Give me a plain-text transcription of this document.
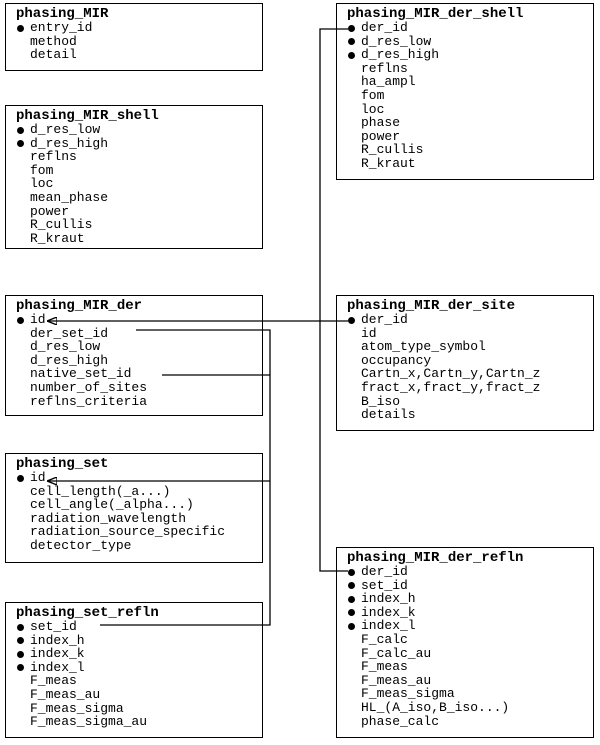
phasing_MIR
entry_id
method
detail
phasing_MIR_shell
d_res_low
d_res_high
reflns
fom
loc
mean_phase
power
R_cullis
R_kraut
phasing_MIR_der
id
der_set_id
d_res_low
d_res_high
native_set_id
number_of_sites
reflns_criteria
phasing_set
id
cell_length(_a...)
cell_angle(_alpha...)
radiation_wavelength
radiation_source_specific
detector_type
phasing_set_refln
set_id
index_h
index_k
index_l
F_meas
F_meas_au
F_meas_sigma
F_meas_sigma_au
phasing_MIR_der_shell
der_id
d_res_low
d_res_high
reflns
ha_ampl
fom
loc
phase
power
R_cullis
R_kraut
phasing_MIR_der_site
der_id
id
atom_type_symbol
occupancy
Cartn_x,Cartn_y,Cartn_z
fract_x,fract_y,fract_z
B_iso
details
phasing_MIR_der_refln
der_id
set_id
index_h
index_k
index_l
F_calc
F_calc_au
F_meas
F_meas_au
F_meas_sigma
HL_(A_iso,B_iso...)
phase_calc
